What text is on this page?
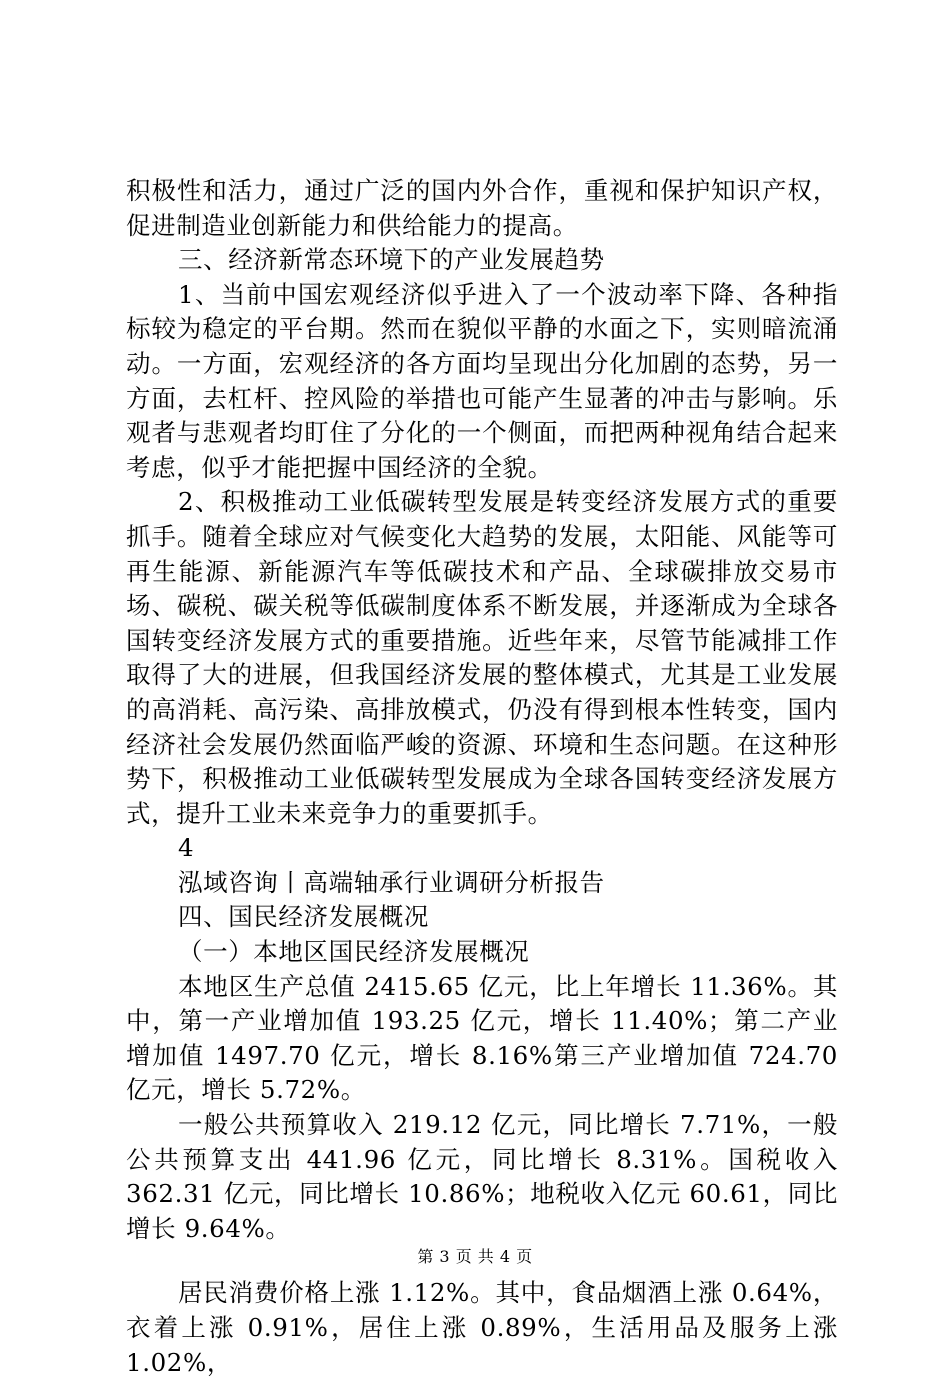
积极性和活力，通过广泛的国内外合作，重视和保护知识产权，促进制造业创新能力和供给能力的提高。

三、经济新常态环境下的产业发展趋势

1、当前中国宏观经济似乎进入了一个波动率下降、各种指标较为稳定的平台期。然而在貌似平静的水面之下，实则暗流涌动。一方面，宏观经济的各方面均呈现出分化加剧的态势，另一方面，去杠杆、控风险的举措也可能产生显著的冲击与影响。乐观者与悲观者均盯住了分化的一个侧面，而把两种视角结合起来考虑，似乎才能把握中国经济的全貌。

2、积极推动工业低碳转型发展是转变经济发展方式的重要抓手。随着全球应对气候变化大趋势的发展，太阳能、风能等可再生能源、新能源汽车等低碳技术和产品、全球碳排放交易市场、碳税、碳关税等低碳制度体系不断发展，并逐渐成为全球各国转变经济发展方式的重要措施。近些年来，尽管节能减排工作取得了大的进展，但我国经济发展的整体模式，尤其是工业发展的高消耗、高污染、高排放模式，仍没有得到根本性转变，国内经济社会发展仍然面临严峻的资源、环境和生态问题。在这种形势下，积极推动工业低碳转型发展成为全球各国转变经济发展方式，提升工业未来竞争力的重要抓手。

4

泓域咨询丨高端轴承行业调研分析报告

四、国民经济发展概况

（一）本地区国民经济发展概况

本地区生产总值 2415.65 亿元，比上年增长 11.36%。其中，第一产业增加值 193.25 亿元，增长 11.40%；第二产业增加值 1497.70 亿元，增长 8.16%第三产业增加值 724.70 亿元，增长 5.72%。

一般公共预算收入 219.12 亿元，同比增长 7.71%，一般公共预算支出 441.96 亿元，同比增长 8.31%。国税收入 362.31 亿元，同比增长 10.86%；地税收入亿元 60.61，同比增长 9.64%。

居民消费价格上涨 1.12%。其中，食品烟酒上涨 0.64%，衣着上涨 0.91%，居住上涨 0.89%，生活用品及服务上涨 1.02%，

第 3 页 共 4 页
